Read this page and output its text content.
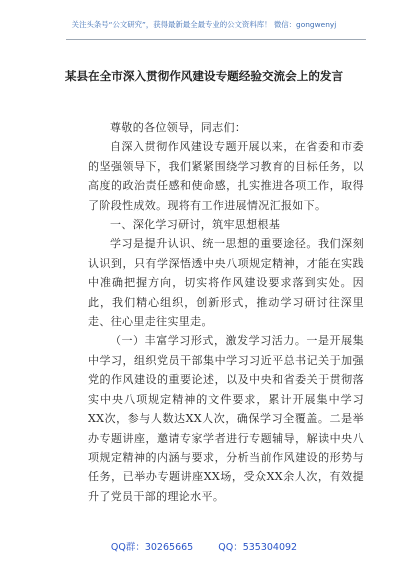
关注头条号“公文研究”，获得最新最全最专业的公文资料库！ 微信：gongwenyj
某县在全市深入贯彻作风建设专题经验交流会上的发言

尊敬的各位领导，同志们：

自深入贯彻作风建设专题开展以来，在省委和市委的坚强领导下，我们紧紧围绕学习教育的目标任务，以高度的政治责任感和使命感，扎实推进各项工作，取得了阶段性成效。现将有工作进展情况汇报如下。

一、深化学习研讨，筑牢思想根基

学习是提升认识、统一思想的重要途径。我们深刻认识到，只有学深悟透中央八项规定精神，才能在实践中准确把握方向，切实将作风建设要求落到实处。因此，我们精心组织，创新形式，推动学习研讨往深里走、往心里走往实里走。

（一）丰富学习形式，激发学习活力。一是开展集中学习，组织党员干部集中学习习近平总书记关于加强党的作风建设的重要论述，以及中央和省委关于贯彻落实中央八项规定精神的文件要求，累计开展集中学习XX次，参与人数达XX人次，确保学习全覆盖。二是举办专题讲座，邀请专家学者进行专题辅导，解读中央八项规定精神的内涵与要求，分析当前作风建设的形势与任务，已举办专题讲座XX场，受众XX余人次，有效提升了党员干部的理论水平。

QQ群：30265665	QQ：535304092
